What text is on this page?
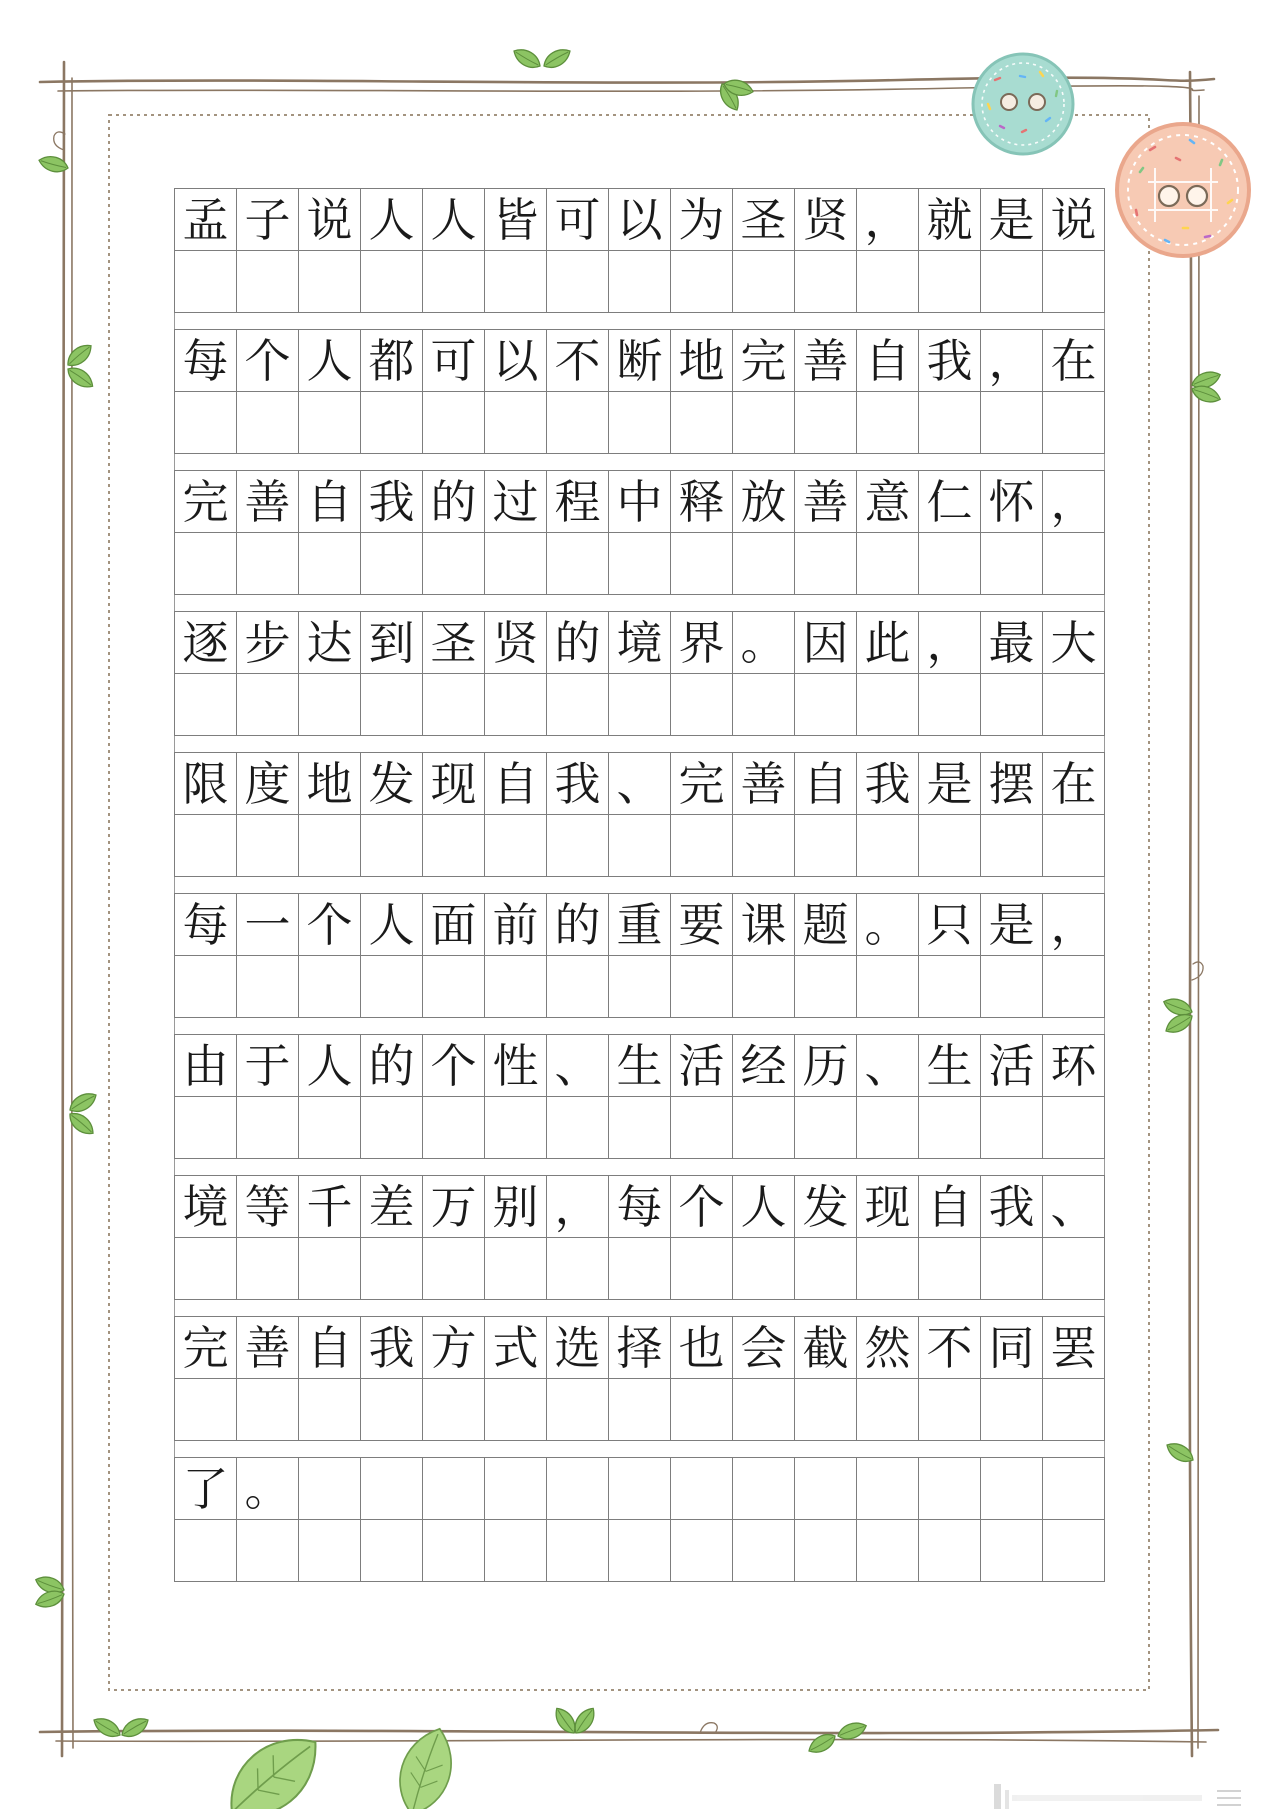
孟 子 说 人 人 皆 可 以 为 圣 贤 ， 就 是 说
每 个 人 都 可 以 不 断 地 完 善 自 我 ， 在
完 善 自 我 的 过 程 中 释 放 善 意 仁 怀 ，
逐 步 达 到 圣 贤 的 境 界 。 因 此 ， 最 大
限 度 地 发 现 自 我 、 完 善 自 我 是 摆 在
每 一 个 人 面 前 的 重 要 课 题 。 只 是 ，
由 于 人 的 个 性 、 生 活 经 历 、 生 活 环
境 等 千 差 万 别 ， 每 个 人 发 现 自 我 、
完 善 自 我 方 式 选 择 也 会 截 然 不 同 罢
了 。
